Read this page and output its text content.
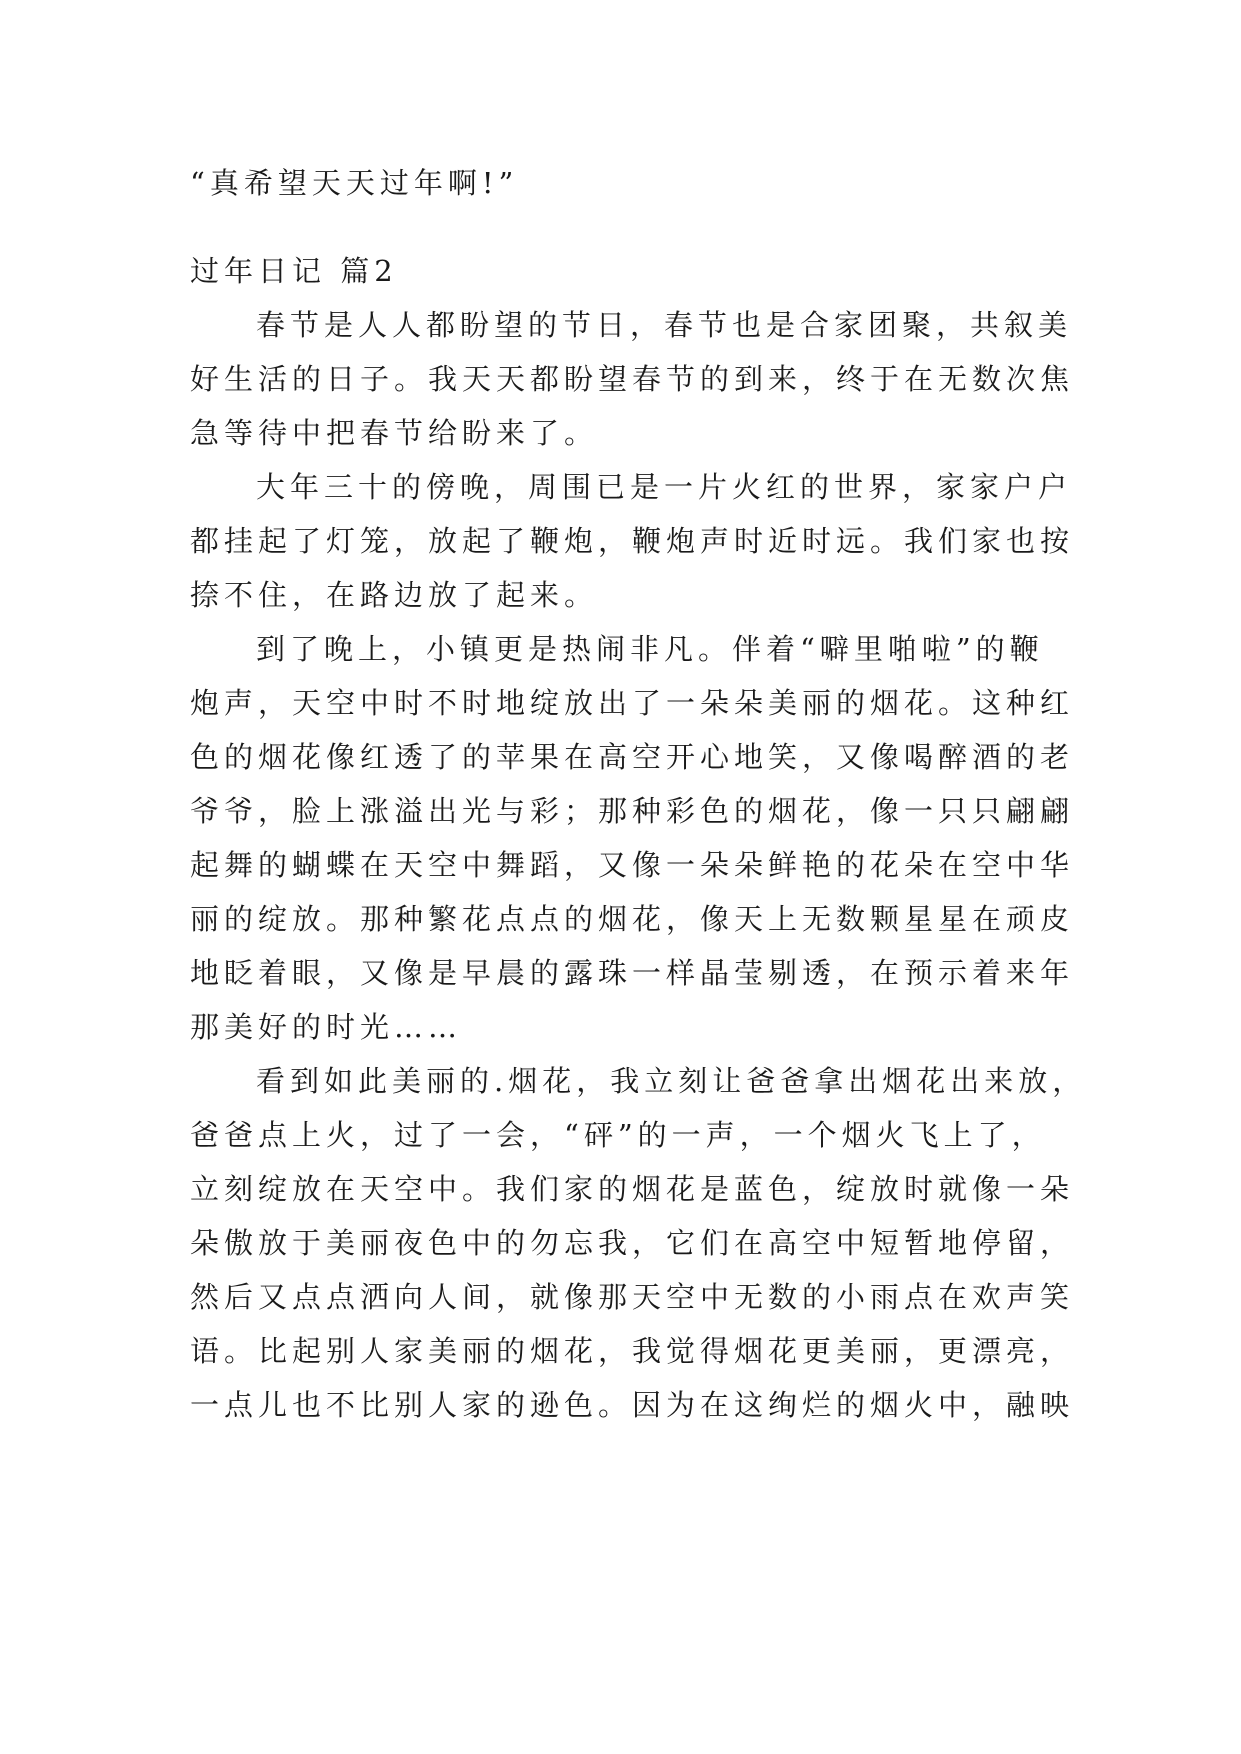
“真希望天天过年啊!”

过年日记 篇2

春节是人人都盼望的节日，春节也是合家团聚，共叙美

好生活的日子。我天天都盼望春节的到来，终于在无数次焦

急等待中把春节给盼来了。

大年三十的傍晚，周围已是一片火红的世界，家家户户

都挂起了灯笼，放起了鞭炮，鞭炮声时近时远。我们家也按

捺不住，在路边放了起来。

到了晚上，小镇更是热闹非凡。伴着“噼里啪啦”的鞭

炮声，天空中时不时地绽放出了一朵朵美丽的烟花。这种红

色的烟花像红透了的苹果在高空开心地笑，又像喝醉酒的老

爷爷，脸上涨溢出光与彩；那种彩色的烟花，像一只只翩翩

起舞的蝴蝶在天空中舞蹈，又像一朵朵鲜艳的花朵在空中华

丽的绽放。那种繁花点点的烟花，像天上无数颗星星在顽皮

地眨着眼，又像是早晨的露珠一样晶莹剔透，在预示着来年

那美好的时光……

看到如此美丽的.烟花，我立刻让爸爸拿出烟花出来放，

爸爸点上火，过了一会，“砰”的一声，一个烟火飞上了，

立刻绽放在天空中。我们家的烟花是蓝色，绽放时就像一朵

朵傲放于美丽夜色中的勿忘我，它们在高空中短暂地停留，

然后又点点洒向人间，就像那天空中无数的小雨点在欢声笑

语。比起别人家美丽的烟花，我觉得烟花更美丽，更漂亮，

一点儿也不比别人家的逊色。因为在这绚烂的烟火中，融映
